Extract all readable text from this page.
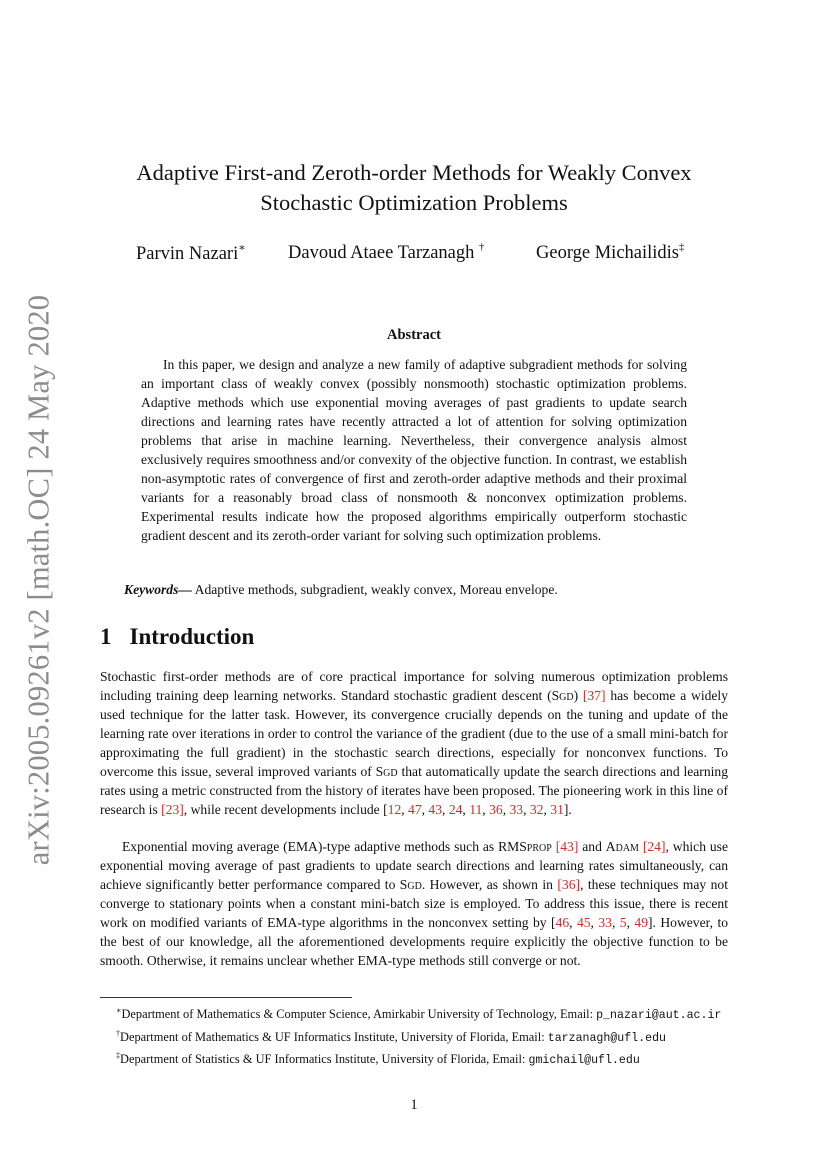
arXiv:2005.09261v2 [math.OC] 24 May 2020
Adaptive First-and Zeroth-order Methods for Weakly Convex
Stochastic Optimization Problems
Parvin Nazari∗ Davoud Ataee Tarzanagh †	George Michailidis‡
Abstract

In this paper, we design and analyze a new family of adaptive subgradient methods for solving an important class of weakly convex (possibly nonsmooth) stochastic optimization problems. Adaptive methods which use exponential moving averages of past gradients to update search directions and learning rates have recently attracted a lot of attention for solving optimization problems that arise in machine learning. Nevertheless, their convergence analysis almost exclusively requires smoothness and/or convexity of the objective function. In contrast, we establish non-asymptotic rates of convergence of first and zeroth-order adaptive methods and their proximal variants for a reasonably broad class of nonsmooth & nonconvex optimization problems. Experimental results indicate how the proposed algorithms empirically outperform stochastic gradient descent and its zeroth-order variant for solving such optimization problems.

Keywords— Adaptive methods, subgradient, weakly convex, Moreau envelope.
1 Introduction

Stochastic first-order methods are of core practical importance for solving numerous optimization problems including training deep learning networks. Standard stochastic gradient descent (Sgd) [37] has become a widely used technique for the latter task. However, its convergence crucially depends on the tuning and update of the learning rate over iterations in order to control the variance of the gradient (due to the use of a small mini-batch for approximating the full gradient) in the stochastic search directions, especially for nonconvex functions. To overcome this issue, several improved variants of Sgd that automatically update the search directions and learning rates using a metric constructed from the history of iterates have been proposed. The pioneering work in this line of research is [23], while recent developments include [12, 47, 43, 24, 11, 36, 33, 32, 31].

Exponential moving average (EMA)-type adaptive methods such as RMSprop [43] and Adam [24], which use exponential moving average of past gradients to update search directions and learning rates simultaneously, can achieve significantly better performance compared to Sgd. However, as shown in [36], these techniques may not converge to stationary points when a constant mini-batch size is employed. To address this issue, there is recent work on modified variants of EMA-type algorithms in the nonconvex setting by [46, 45, 33, 5, 49]. However, to the best of our knowledge, all the aforementioned developments require explicitly the objective function to be smooth. Otherwise, it remains unclear whether EMA-type methods still converge or not.

∗Department of Mathematics & Computer Science, Amirkabir University of Technology, Email: p_nazari@aut.ac.ir

†Department of Mathematics & UF Informatics Institute, University of Florida, Email: tarzanagh@ufl.edu

‡Department of Statistics & UF Informatics Institute, University of Florida, Email: gmichail@ufl.edu

1
